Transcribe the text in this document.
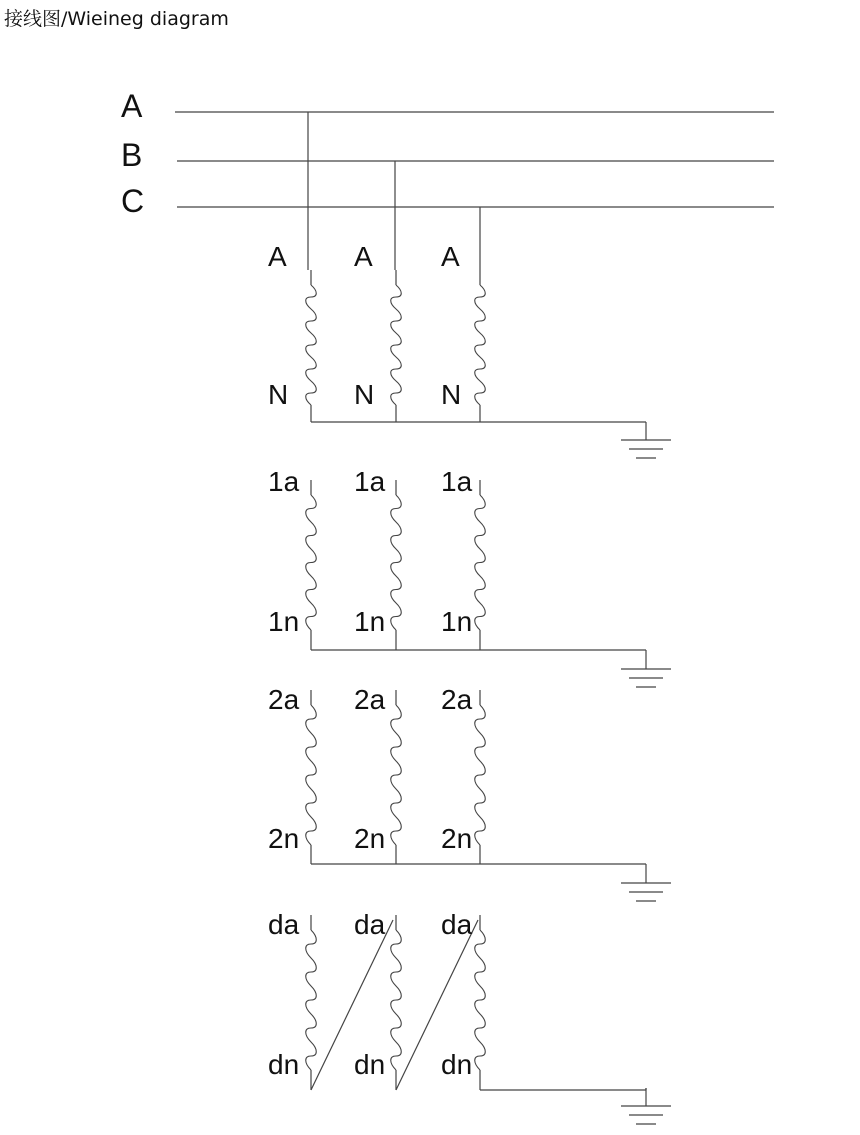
接线图/Wieineg diagram
A
B
C
A
N
A
N
A
N
1a
1n
1a
1n
1a
1n
2a
2n
2a
2n
2a
2n
da
dn
da
dn
da
dn
